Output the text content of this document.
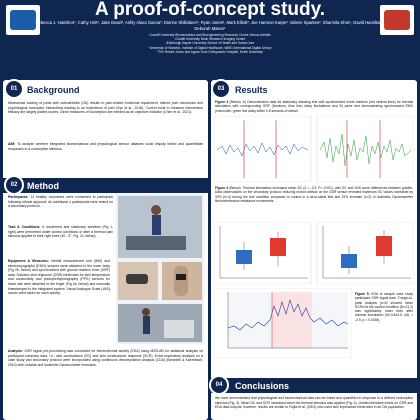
A proof-of-concept study.
Rebecca J. Hamilton¹, Cathy Holt², Jake Bowd², Ashly Alaxa Garcia³, Dionne Shillabeer³, Ryan Jones², Mark Elliott³, Joe Harmon Karpe³, Valerie Sparkes², Sharmila Khot⁴, David Hamilton⁵, Deborah Mason¹
¹Cardiff University Biomechanics and Bioengineering Research Centre Versus Arthritis
²Cardiff University Brain Research Imaging Centre
³Edinburgh Napier University School of Health and Social Care
⁴University of Warwick, Institute of Digital Healthcare, WMG International Digital Library
⁵The Robert Jones and Agnes Hunt Orthopaedic Hospital, Keele University
01	Background
Mechanical loading of joints with osteoarthritis (OA) results in pain-related functional impairment, altered joint mechanics and physiological nociceptor interactions leading to an experience of pain (Syx et al., 2018). Current tools to measure intervention efficacy are largely patient scores. Direct measures of nociception are needed as an objective indicator (Chen et al., 2021).
AIM: To analyse whether integrated biomechanical and physiological sensor datasets could display linked and quantifiable responses to a nociceptive stimulus.
02	Method
Participants: 14 healthy volunteers were consented to participate following ethical approval. An additional 4 participants were tested on a secondary protocol.
Task & Conditions: 5 movement and stationary activities (Fig 1, right) were performed under control conditions or after a thermal pain stimulus applied to their right knee (40 - 0°, Fig. 2c, below).
Equipment & Measures: Inertial measurement unit (IMU) and electromyography (EMG) sensors were attached to the lower body (Fig 2b, below) and synchronised with ground reaction force (GRF) data. Galvanic skin response (GSR) electrodes for skin temperature and conductivity and photoplethysmography (PPG) sensors for heart rate were attached to the finger (Fig 2a, below) and manually timestamped to the integrated system. Visual Analogue Scale (VAS) scores were taken for each activity.
Analysis: GSR signal pre-processing was conducted for electrodermal activity (EDA) using MATLAB for statistical analysis on participant summary data, i.e., skin conductance (SC) and skin conductance response (SCR). Extra exploratory analysis on a case study and secondary protocol were incorporated using continuous decomposition analysis (CDA) (Benedek & Kaernbach, 2010) with Ledalab and Isokinetic Dynamometer exercises.
03	Results
Figure 3 (Below): A) Demonstration data for stationary standing test with synchronised event markers (red vertical lines) for thermal stimulation with corresponding GRF (Newtons, blue line) data) fluctuations and B) same test demonstrating synchronised EMG (microvolts, green line data) within 0.5 seconds of stimuli.
Figure 4 (Below): Thermal stimulation increased mean SC (Z = -3.3, P< 0.001), with SC and VAS score differences between grades. Data observations on the secondary protocol reducing motion artifact on the GSR sensor revealed maximum SC values increased by 32% (n=4) during the test condition compared to control in a sit-to-stand test and 19% increase (n=2) in Isokinetic Dynamometer flexion/extension resistance movements.
Figure 5: EDA of sample case study participant GSR signal data. Trough-to-peak analysis (n=6) showed mean SCRs for the control condition (M=21.2) was significantly lower than after thermal stimulation (M=3.8±3.5, t(6) = -2.9, p = 0.0158).
04	Conclusions
We have demonstrated that physiological and biomechanical data can be linked and quantified in response to a defined nociceptive stimulus (Fig. 3). Mean SC and SCR increased when the thermal stimulus was applied (Fig. 4). Limited literature exists on GSR and EDA data outputs, however, results are similar to Fujita et al. (2001) who used skin impedance electrodes in an OA population.
